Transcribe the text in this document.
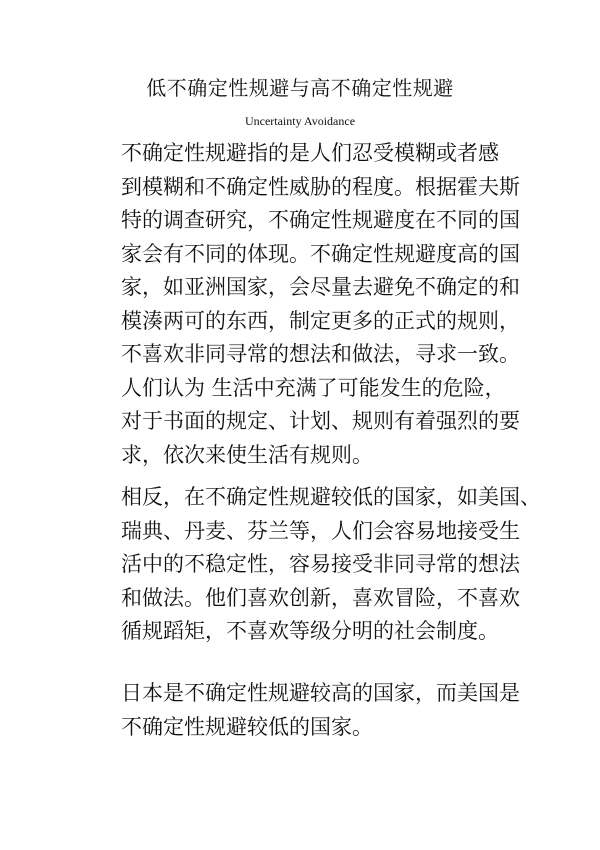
低不确定性规避与高不确定性规避
Uncertainty Avoidance
不确定性规避指的是人们忍受模糊或者感
到模糊和不确定性威胁的程度。根据霍夫斯
特的调查研究，不确定性规避度在不同的国
家会有不同的体现。不确定性规避度高的国
家，如亚洲国家，会尽量去避免不确定的和
模湊两可的东西，制定更多的正式的规则，
不喜欢非同寻常的想法和做法，寻求一致。
人们认为 生活中充满了可能发生的危险，
对于书面的规定、计划、规则有着强烈的要
求，依次来使生活有规则。
相反，在不确定性规避较低的国家，如美国、
瑞典、丹麦、芬兰等，人们会容易地接受生
活中的不稳定性，容易接受非同寻常的想法
和做法。他们喜欢创新，喜欢冒险，不喜欢
循规蹈矩，不喜欢等级分明的社会制度。
日本是不确定性规避较高的国家，而美国是
不确定性规避较低的国家。
